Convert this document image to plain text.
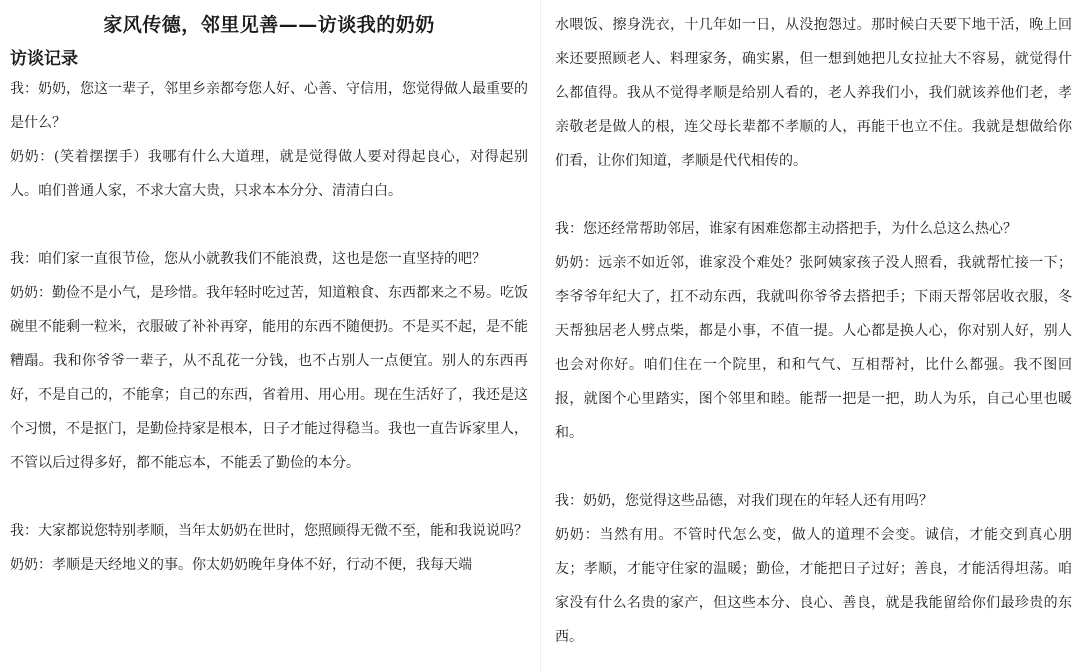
家风传德，邻里见善——访谈我的奶奶
访谈记录

我：奶奶，您这一辈子，邻里乡亲都夸您人好、心善、守信用，您觉得做人最重要的是什么？

奶奶：(笑着摆摆手）我哪有什么大道理，就是觉得做人要对得起良心，对得起别人。咱们普通人家，不求大富大贵，只求本本分分、清清白白。

我：咱们家一直很节俭，您从小就教我们不能浪费，这也是您一直坚持的吧？

奶奶：勤俭不是小气，是珍惜。我年轻时吃过苦，知道粮食、东西都来之不易。吃饭碗里不能剩一粒米，衣服破了补补再穿，能用的东西不随便扔。不是买不起，是不能糟蹋。我和你爷爷一辈子，从不乱花一分钱，也不占别人一点便宜。别人的东西再好，不是自己的，不能拿；自己的东西，省着用、用心用。现在生活好了，我还是这个习惯，不是抠门，是勤俭持家是根本，日子才能过得稳当。我也一直告诉家里人，不管以后过得多好，都不能忘本，不能丢了勤俭的本分。

我：大家都说您特别孝顺，当年太奶奶在世时，您照顾得无微不至，能和我说说吗？

奶奶：孝顺是天经地义的事。你太奶奶晚年身体不好，行动不便，我每天端

水喂饭、擦身洗衣，十几年如一日，从没抱怨过。那时候白天要下地干活，晚上回来还要照顾老人、料理家务，确实累，但一想到她把儿女拉扯大不容易，就觉得什么都值得。我从不觉得孝顺是给别人看的，老人养我们小，我们就该养他们老，孝亲敬老是做人的根，连父母长辈都不孝顺的人，再能干也立不住。我就是想做给你们看，让你们知道，孝顺是代代相传的。

我：您还经常帮助邻居，谁家有困难您都主动搭把手，为什么总这么热心？

奶奶：远亲不如近邻，谁家没个难处？张阿姨家孩子没人照看，我就帮忙接一下；李爷爷年纪大了，扛不动东西，我就叫你爷爷去搭把手；下雨天帮邻居收衣服，冬天帮独居老人劈点柴，都是小事，不值一提。人心都是换人心，你对别人好，别人也会对你好。咱们住在一个院里，和和气气、互相帮衬，比什么都强。我不图回报，就图个心里踏实，图个邻里和睦。能帮一把是一把，助人为乐，自己心里也暖和。

我：奶奶，您觉得这些品德，对我们现在的年轻人还有用吗？

奶奶：当然有用。不管时代怎么变，做人的道理不会变。诚信，才能交到真心朋友；孝顺，才能守住家的温暖；勤俭，才能把日子过好；善良，才能活得坦荡。咱家没有什么名贵的家产，但这些本分、良心、善良，就是我能留给你们最珍贵的东西。
